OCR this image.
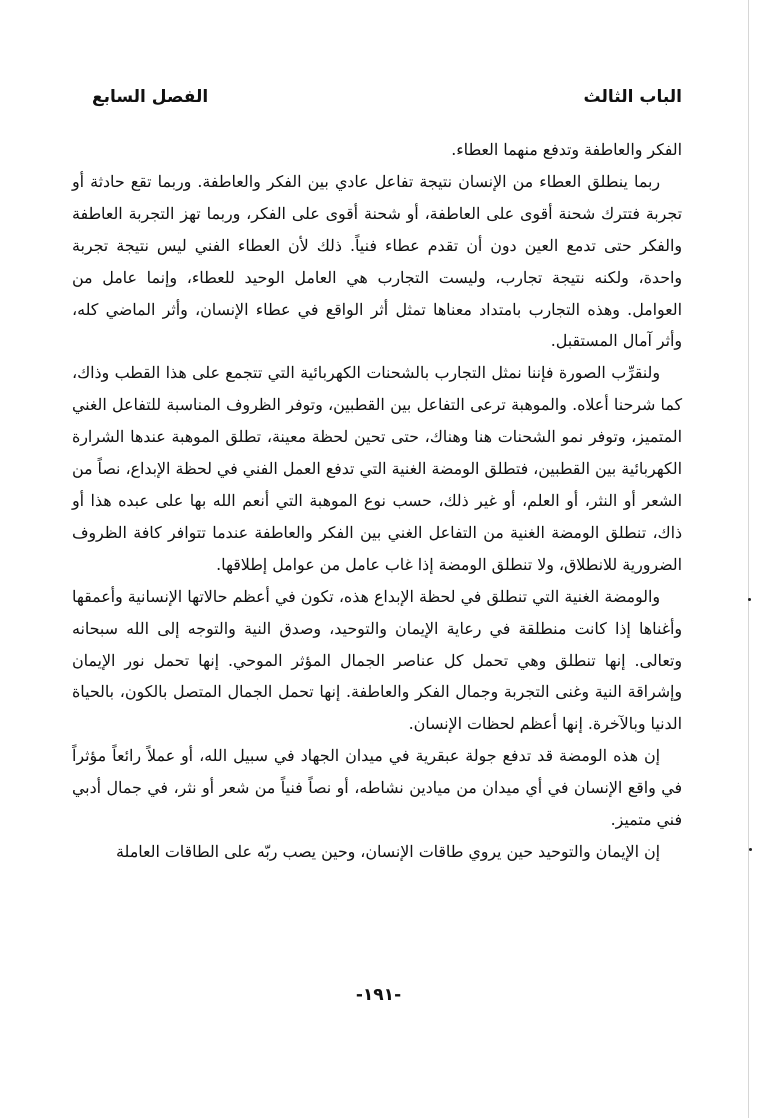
الباب الثالث
الفصل السابع

الفكر والعاطفة وتدفع منهما العطاء.

ربما ينطلق العطاء من الإنسان نتيجة تفاعل عادي بين الفكر والعاطفة. وربما تقع حادثة أو تجربة فتترك شحنة أقوى على العاطفة، أو شحنة أقوى على الفكر، وربما تهز التجربة العاطفة والفكر حتى تدمع العين دون أن تقدم عطاء فنياً. ذلك لأن العطاء الفني ليس نتيجة تجربة واحدة، ولكنه نتيجة تجارب، وليست التجارب هي العامل الوحيد للعطاء، وإنما عامل من العوامل. وهذه التجارب بامتداد معناها تمثل أثر الواقع في عطاء الإنسان، وأثر الماضي كله، وأثر آمال المستقبل.

ولنقرِّب الصورة فإننا نمثل التجارب بالشحنات الكهربائية التي تتجمع على هذا القطب وذاك، كما شرحنا أعلاه. والموهبة ترعى التفاعل بين القطبين، وتوفر الظروف المناسبة للتفاعل الغني المتميز، وتوفر نمو الشحنات هنا وهناك، حتى تحين لحظة معينة، تطلق الموهبة عندها الشرارة الكهربائية بين القطبين، فتطلق الومضة الغنية التي تدفع العمل الفني في لحظة الإبداع، نصاً من الشعر أو النثر، أو العلم، أو غير ذلك، حسب نوع الموهبة التي أنعم الله بها على عبده هذا أو ذاك، تنطلق الومضة الغنية من التفاعل الغني بين الفكر والعاطفة عندما تتوافر كافة الظروف الضرورية للانطلاق، ولا تنطلق الومضة إذا غاب عامل من عوامل إطلاقها.

والومضة الغنية التي تنطلق في لحظة الإبداع هذه، تكون في أعظم حالاتها الإنسانية وأعمقها وأغناها إذا كانت منطلقة في رعاية الإيمان والتوحيد، وصدق النية والتوجه إلى الله سبحانه وتعالى. إنها تنطلق وهي تحمل كل عناصر الجمال المؤثر الموحي. إنها تحمل نور الإيمان وإشراقة النية وغنى التجربة وجمال الفكر والعاطفة. إنها تحمل الجمال المتصل بالكون، بالحياة الدنيا وبالآخرة. إنها أعظم لحظات الإنسان.

إن هذه الومضة قد تدفع جولة عبقرية في ميدان الجهاد في سبيل الله، أو عملاً رائعاً مؤثراً في واقع الإنسان في أي ميدان من ميادين نشاطه، أو نصاً فنياً من شعر أو نثر، في جمال أدبي فني متميز.

إن الإيمان والتوحيد حين يروي طاقات الإنسان، وحين يصب ربّه على الطاقات العاملة

-١٩١-
